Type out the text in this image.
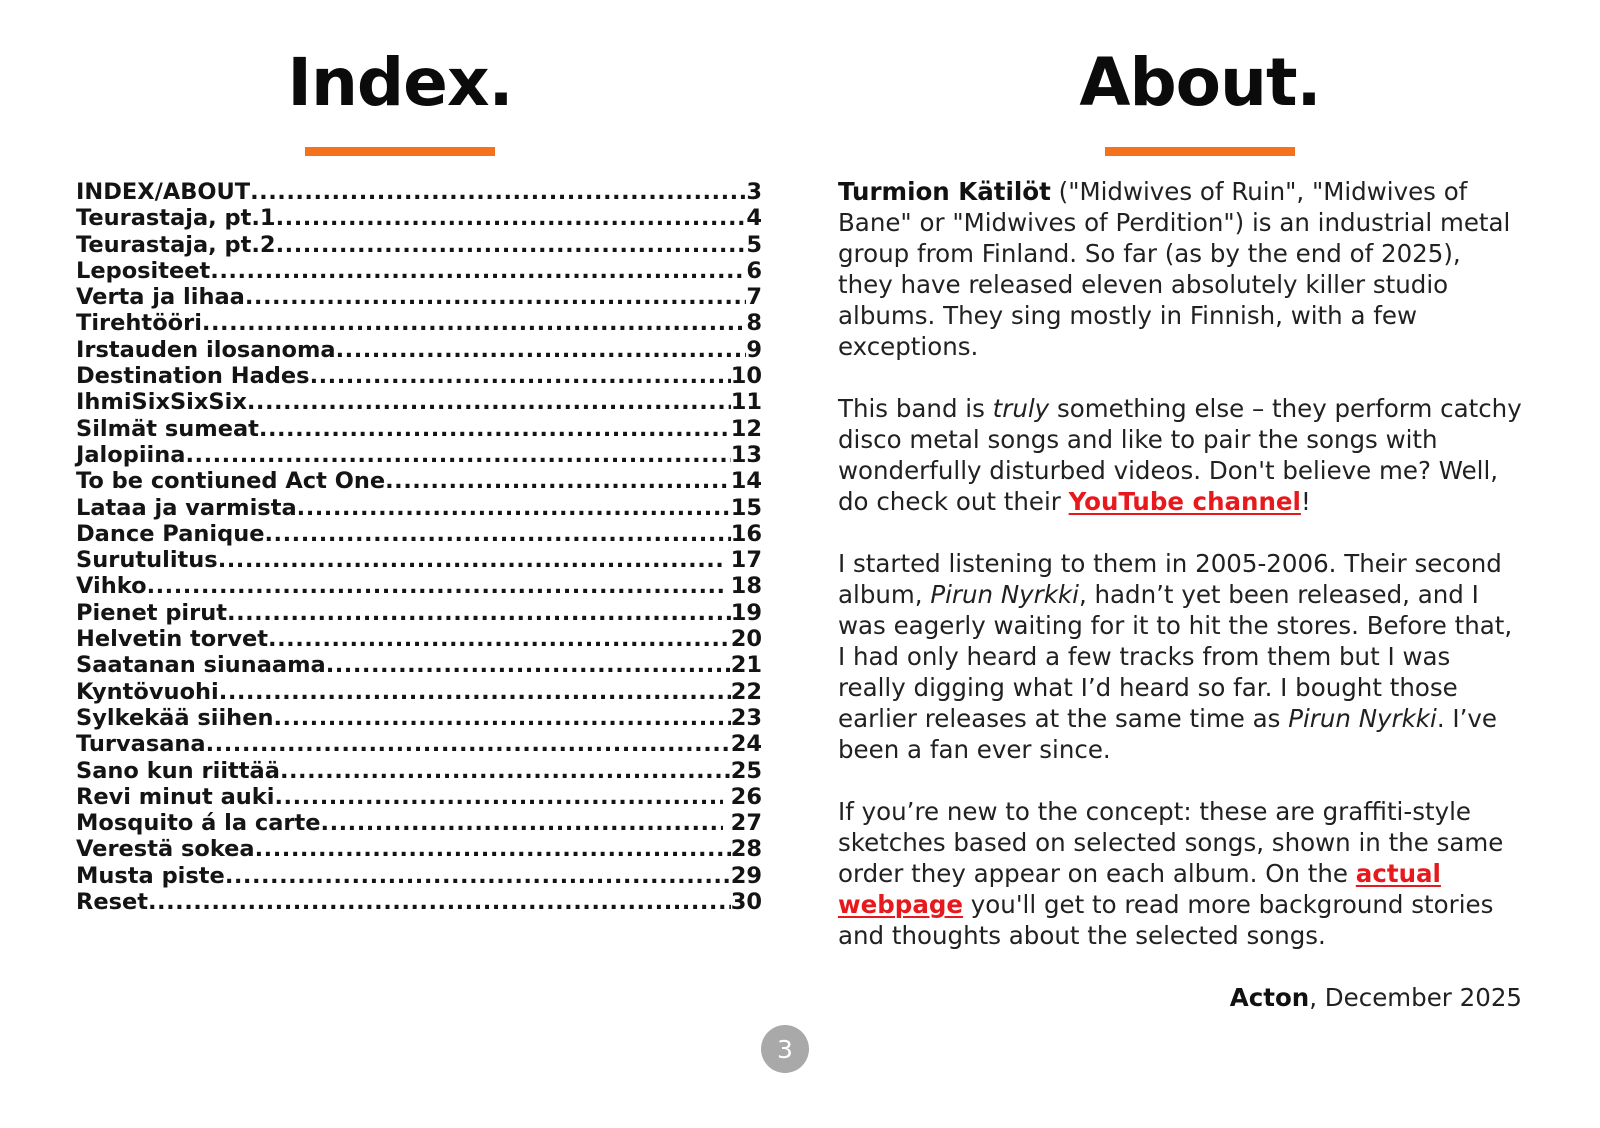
Index.	About.
INDEX/ABOUT .....	3
Teurastaja, pt.1 .....	4
Teurastaja, pt.2 .....	5
Lepositeet .....	6
Verta ja lihaa .....	7
Tirehtööri .....	8
Irstauden ilosanoma .....	9
Destination Hades .....	10
IhmiSixSixSix .....	11
Silmät sumeat .....	12
Jalopiina .....	13
To be contiuned Act One .....	14
Lataa ja varmista .....	15
Dance Panique .....	16
Surutulitus .....	17
Vihko .....	18
Pienet pirut .....	19
Helvetin torvet .....	20
Saatanan siunaama .....	21
Kyntövuohi .....	22
Sylkekää siihen .....	23
Turvasana .....	24
Sano kun riittää .....	25
Revi minut auki .....	26
Mosquito á la carte .....	27
Verestä sokea .....	28
Musta piste .....	29
Reset .....	30

Turmion Kätilöt ("Midwives of Ruin", "Midwives of Bane" or "Midwives of Perdition") is an industrial metal group from Finland. So far (as by the end of 2025), they have released eleven absolutely killer studio albums. They sing mostly in Finnish, with a few exceptions.

This band is truly something else – they perform catchy disco metal songs and like to pair the songs with wonderfully disturbed videos. Don't believe me? Well, do check out their YouTube channel!

I started listening to them in 2005-2006. Their second album, Pirun Nyrkki, hadn’t yet been released, and I was eagerly waiting for it to hit the stores. Before that, I had only heard a few tracks from them but I was really digging what I’d heard so far. I bought those earlier releases at the same time as Pirun Nyrkki. I’ve been a fan ever since.

If you’re new to the concept: these are graffiti-style sketches based on selected songs, shown in the same order they appear on each album. On the actual webpage you'll get to read more background stories and thoughts about the selected songs.

Acton, December 2025
3
